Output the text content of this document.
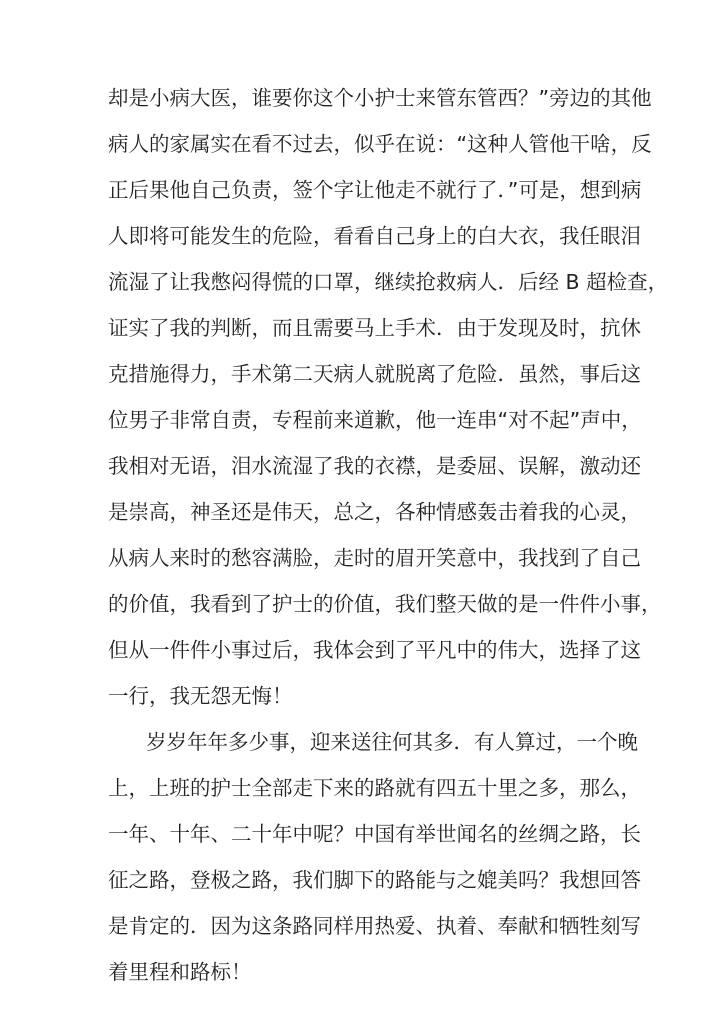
却是小病大医，谁要你这个小护士来管东管西？”旁边的其他
病人的家属实在看不过去，似乎在说：“这种人管他干啥，反
正后果他自己负责，签个字让他走不就行了．”可是，想到病
人即将可能发生的危险，看看自己身上的白大衣，我任眼泪
流湿了让我憋闷得慌的口罩，继续抢救病人．后经 B 超检查，
证实了我的判断，而且需要马上手术．由于发现及时，抗休
克措施得力，手术第二天病人就脱离了危险．虽然，事后这
位男子非常自责，专程前来道歉，他一连串“对不起”声中，
我相对无语，泪水流湿了我的衣襟，是委屈、误解，激动还
是崇高，神圣还是伟天，总之，各种情感轰击着我的心灵，
从病人来时的愁容满脸，走时的眉开笑意中，我找到了自己
的价值，我看到了护士的价值，我们整天做的是一件件小事，
但从一件件小事过后，我体会到了平凡中的伟大，选择了这
一行，我无怨无悔！
岁岁年年多少事，迎来送往何其多．有人算过，一个晚
上，上班的护士全部走下来的路就有四五十里之多，那么，
一年、十年、二十年中呢？中国有举世闻名的丝绸之路，长
征之路，登极之路，我们脚下的路能与之媲美吗？我想回答
是肯定的．因为这条路同样用热爱、执着、奉献和牺牲刻写
着里程和路标！
